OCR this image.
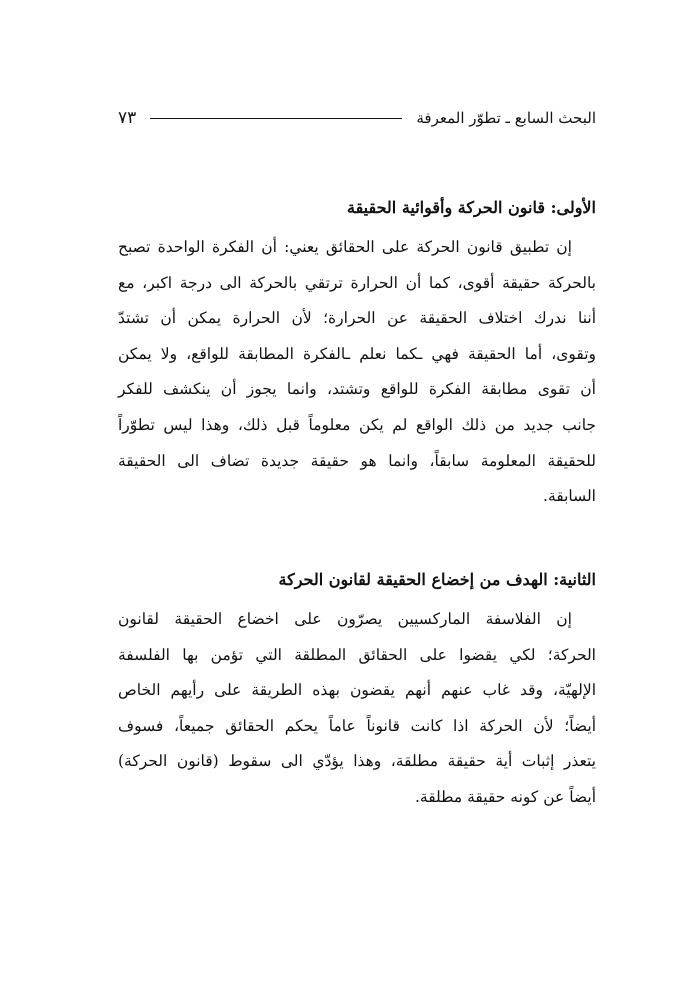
البحث السابع ـ تطوّر المعرفة
٧٣
الأولى: قانون الحركة وأقوائية الحقيقة

إن تطبيق قانون الحركة على الحقائق يعني: أن الفكرة الواحدة تصبح
بالحركة حقيقة أقوى، كما أن الحرارة ترتقي بالحركة الى درجة اكبر، مع
أننا ندرك اختلاف الحقيقة عن الحرارة؛ لأن الحرارة يمكن أن تشتدّ
وتقوى، أما الحقيقة فهي ـكما نعلم ـالفكرة المطابقة للواقع، ولا يمكن
أن تقوى مطابقة الفكرة للواقع وتشتد، وانما يجوز أن ينكشف للفكر
جانب جديد من ذلك الواقع لم يكن معلوماً قبل ذلك، وهذا ليس تطوّراً
للحقيقة المعلومة سابقاً، وانما هو حقيقة جديدة تضاف الى الحقيقة
السابقة.

الثانية: الهدف من إخضاع الحقيقة لقانون الحركة

إن الفلاسفة الماركسيين يصرّون على اخضاع الحقيقة لقانون
الحركة؛ لكي يقضوا على الحقائق المطلقة التي تؤمن بها الفلسفة
الإلهيّة، وقد غاب عنهم أنهم يقضون بهذه الطريقة على رأيهم الخاص
أيضاً؛ لأن الحركة اذا كانت قانوناً عاماً يحكم الحقائق جميعاً، فسوف
يتعذر إثبات أية حقيقة مطلقة، وهذا يؤدّي الى سقوط (قانون الحركة)
أيضاً عن كونه حقيقة مطلقة.
